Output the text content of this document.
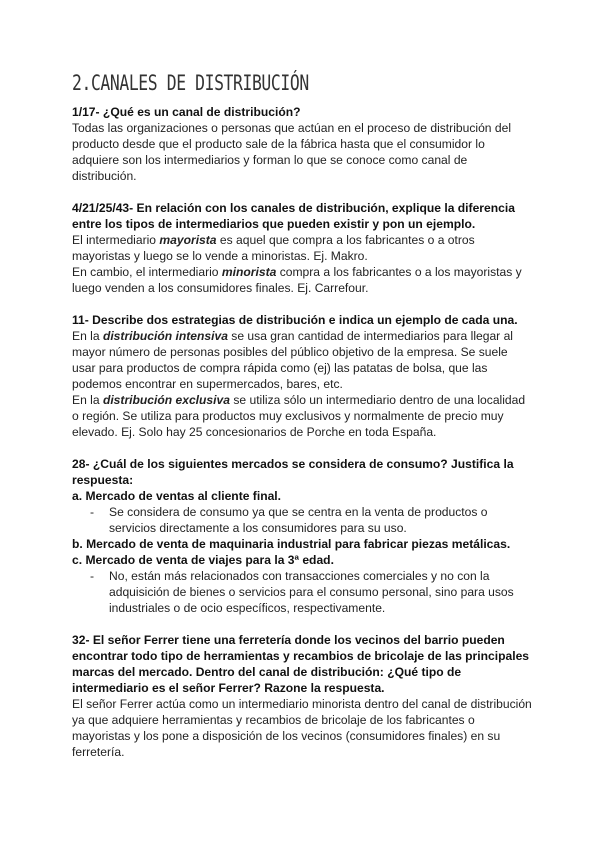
2.CANALES DE DISTRIBUCIÓN

1/17- ¿Qué es un canal de distribución?

Todas las organizaciones o personas que actúan en el proceso de distribución del producto desde que el producto sale de la fábrica hasta que el consumidor lo adquiere son los intermediarios y forman lo que se conoce como canal de distribución.

4/21/25/43- En relación con los canales de distribución, explique la diferencia entre los tipos de intermediarios que pueden existir y pon un ejemplo.

El intermediario mayorista es aquel que compra a los fabricantes o a otros mayoristas y luego se lo vende a minoristas. Ej. Makro.

En cambio, el intermediario minorista compra a los fabricantes o a los mayoristas y luego venden a los consumidores finales. Ej. Carrefour.

11- Describe dos estrategias de distribución e indica un ejemplo de cada una.

En la distribución intensiva se usa gran cantidad de intermediarios para llegar al mayor número de personas posibles del público objetivo de la empresa. Se suele usar para productos de compra rápida como (ej) las patatas de bolsa, que las podemos encontrar en supermercados, bares, etc.

En la distribución exclusiva se utiliza sólo un intermediario dentro de una localidad o región. Se utiliza para productos muy exclusivos y normalmente de precio muy elevado. Ej. Solo hay 25 concesionarios de Porche en toda España.

28- ¿Cuál de los siguientes mercados se considera de consumo? Justifica la respuesta:

a. Mercado de ventas al cliente final.

- Se considera de consumo ya que se centra en la venta de productos o servicios directamente a los consumidores para su uso.

b. Mercado de venta de maquinaria industrial para fabricar piezas metálicas.

c. Mercado de venta de viajes para la 3ª edad.

- No, están más relacionados con transacciones comerciales y no con la adquisición de bienes o servicios para el consumo personal, sino para usos industriales o de ocio específicos, respectivamente.

32- El señor Ferrer tiene una ferretería donde los vecinos del barrio pueden encontrar todo tipo de herramientas y recambios de bricolaje de las principales marcas del mercado. Dentro del canal de distribución: ¿Qué tipo de intermediario es el señor Ferrer? Razone la respuesta.

El señor Ferrer actúa como un intermediario minorista dentro del canal de distribución ya que adquiere herramientas y recambios de bricolaje de los fabricantes o mayoristas y los pone a disposición de los vecinos (consumidores finales) en su ferretería.
